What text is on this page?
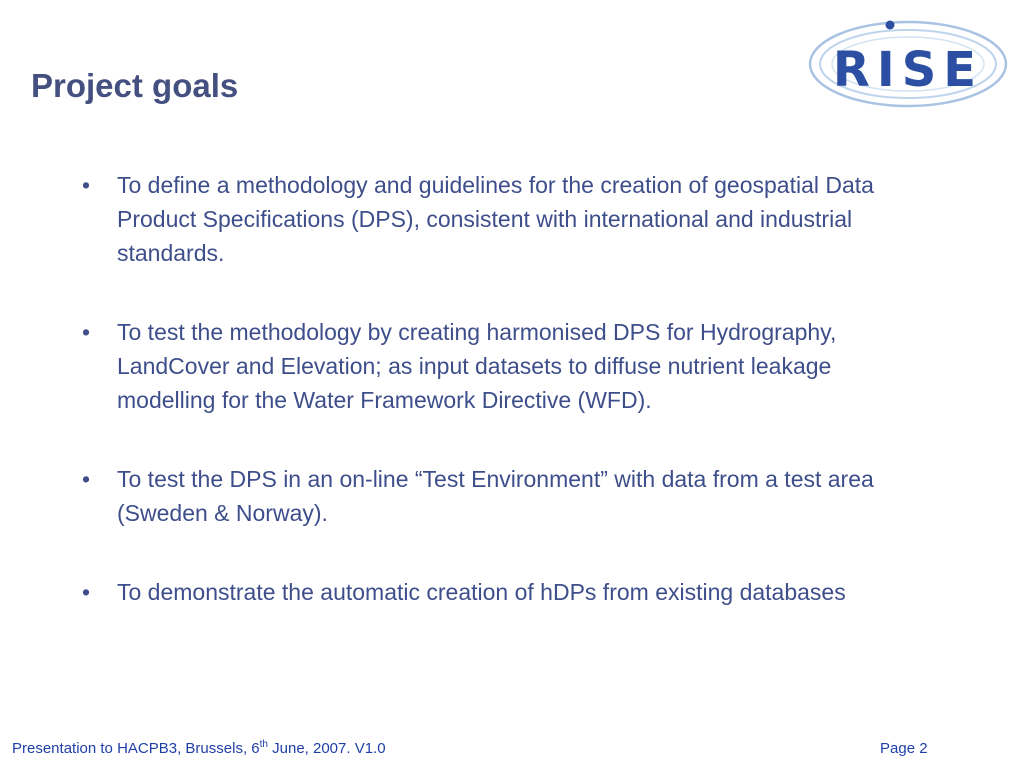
Project goals	RISE
• To define a methodology and guidelines for the creation of geospatial Data Product Specifications (DPS), consistent with international and industrial standards.
• To test the methodology by creating harmonised DPS for Hydrography, LandCover and Elevation; as input datasets to diffuse nutrient leakage modelling for the Water Framework Directive (WFD).
• To test the DPS in an on-line “Test Environment” with data from a test area (Sweden & Norway).
• To demonstrate the automatic creation of hDPs from existing databases
Presentation to HACPB3, Brussels, 6th June, 2007. V1.0	Page 2
